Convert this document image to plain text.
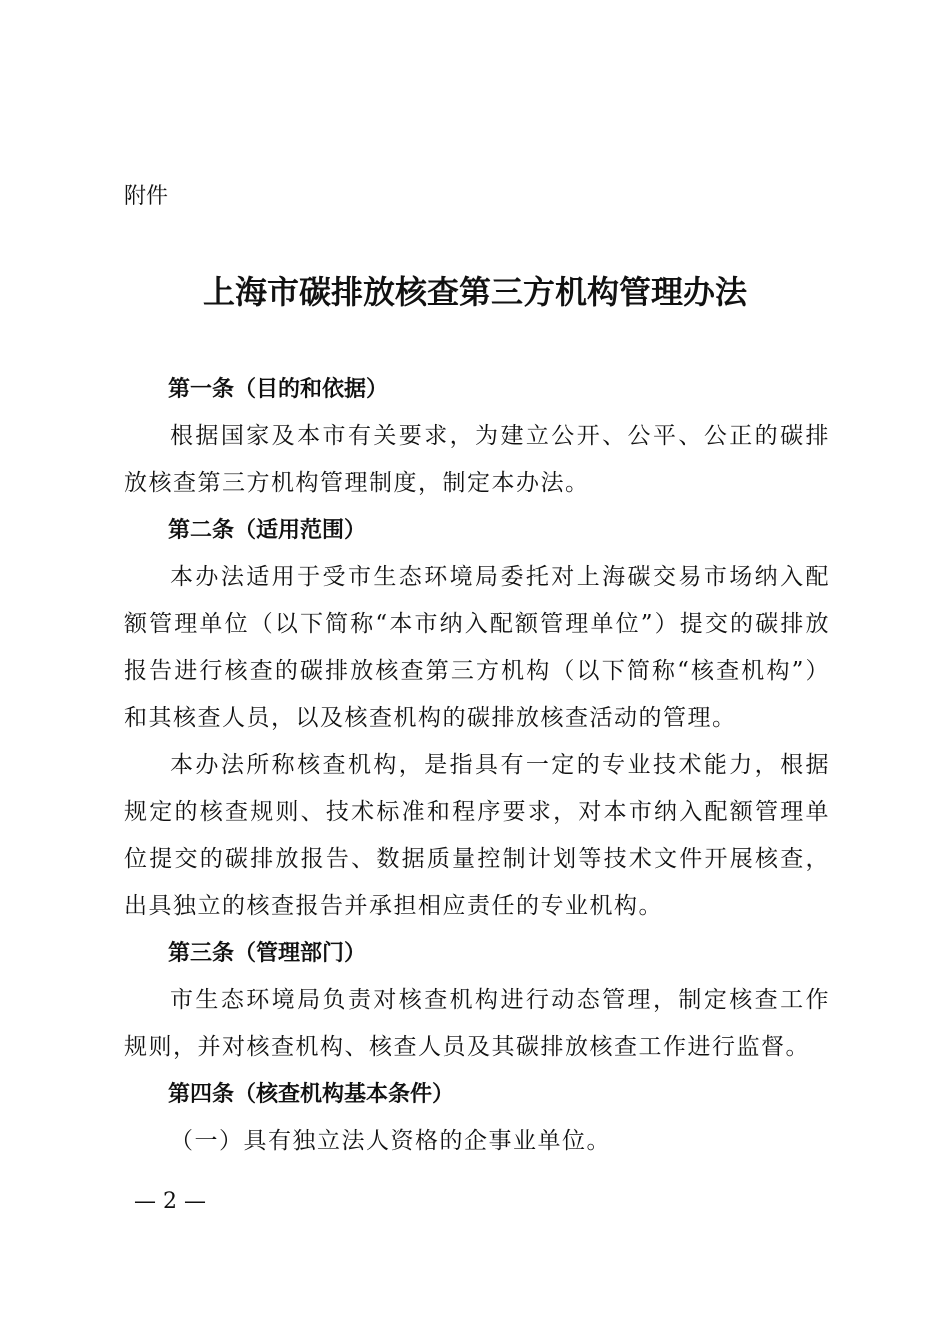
附件
上海市碳排放核查第三方机构管理办法

第一条（目的和依据）

根据国家及本市有关要求，为建立公开、公平、公正的碳排放核查第三方机构管理制度，制定本办法。

第二条（适用范围）

本办法适用于受市生态环境局委托对上海碳交易市场纳入配额管理单位（以下简称“本市纳入配额管理单位”）提交的碳排放报告进行核查的碳排放核查第三方机构（以下简称“核查机构”）和其核查人员，以及核查机构的碳排放核查活动的管理。

本办法所称核查机构，是指具有一定的专业技术能力，根据规定的核查规则、技术标准和程序要求，对本市纳入配额管理单位提交的碳排放报告、数据质量控制计划等技术文件开展核查，出具独立的核查报告并承担相应责任的专业机构。

第三条（管理部门）

市生态环境局负责对核查机构进行动态管理，制定核查工作规则，并对核查机构、核查人员及其碳排放核查工作进行监督。

第四条（核查机构基本条件）

（一）具有独立法人资格的企事业单位。

— 2 —
